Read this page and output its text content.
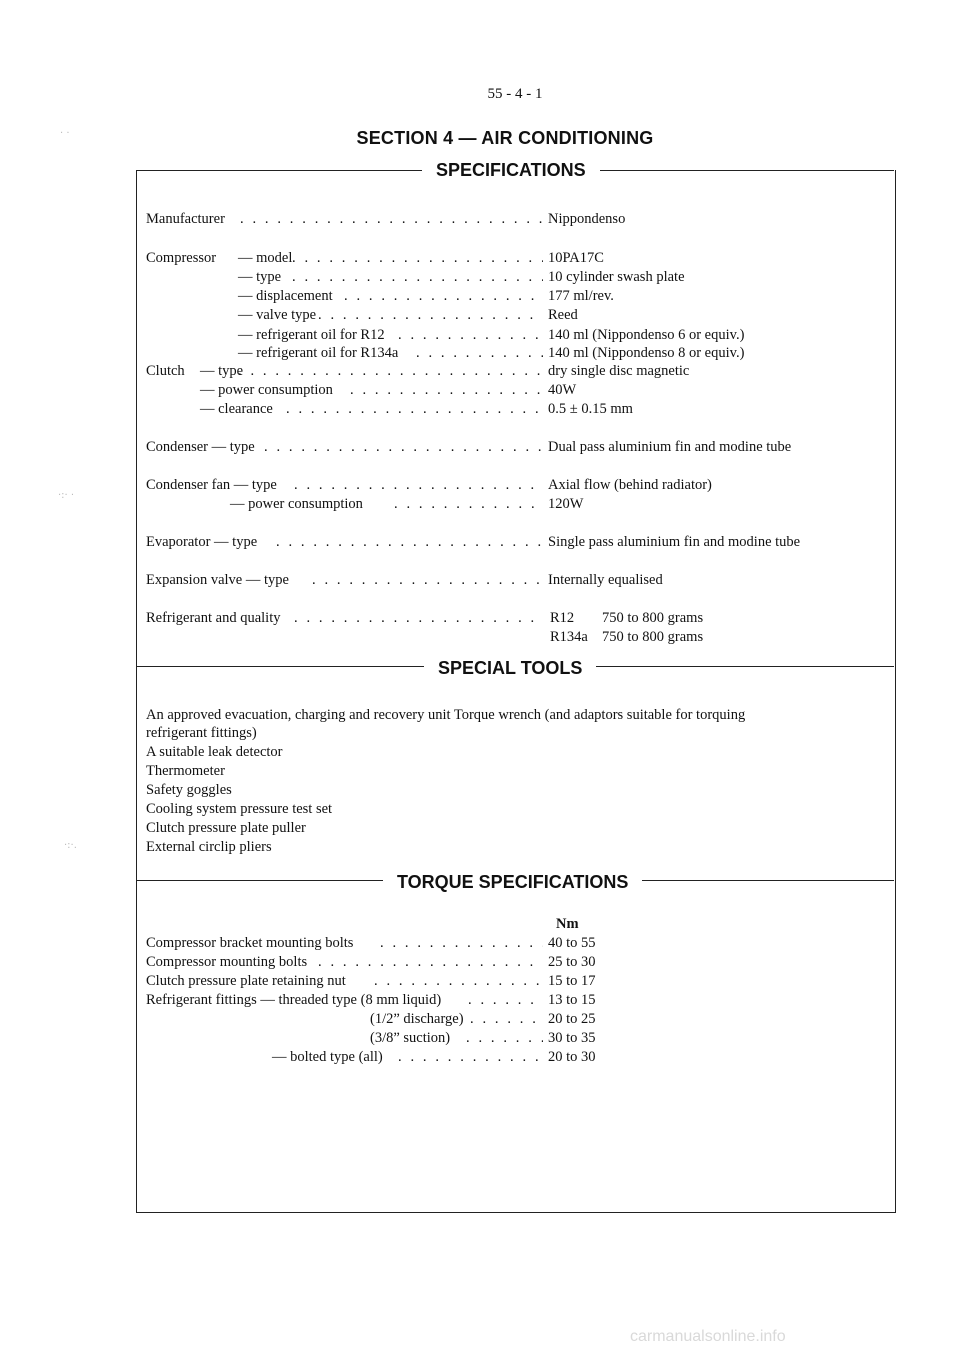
55 - 4 - 1
SECTION 4 — AIR CONDITIONING
· ·
·:· ·
·:·.
SPECIFICATIONS
SPECIAL TOOLS
TORQUE SPECIFICATIONS
Manufacturer . . .	Nippondenso
Compressor — model . . .	10PA17C
— type . . .	10 cylinder swash plate
— displacement . . .	177 ml/rev.
— valve type . . .	Reed
— refrigerant oil for R12 . . .	140 ml (Nippondenso 6 or equiv.)
— refrigerant oil for R134a . . .	140 ml (Nippondenso 8 or equiv.)
Clutch — type . . .	dry single disc magnetic
— power consumption . . .	40W
— clearance . . .	0.5 ± 0.15 mm
Condenser — type . . .	Dual pass aluminium fin and modine tube
Condenser fan — type . . .	Axial flow (behind radiator)
— power consumption . . .	120W
Evaporator — type . . .	Single pass aluminium fin and modine tube
Expansion valve — type . . .	Internally equalised
Refrigerant and quality . . .	R12 750 to 800 grams
R134a 750 to 800 grams
An approved evacuation, charging and recovery unit Torque wrench (and adaptors suitable for torquing
refrigerant fittings)
A suitable leak detector
Thermometer
Safety goggles
Cooling system pressure test set
Clutch pressure plate puller
External circlip pliers
Nm
Compressor bracket mounting bolts . . .	40 to 55
Compressor mounting bolts . . .	25 to 30
Clutch pressure plate retaining nut . . .	15 to 17
Refrigerant fittings — threaded type (8 mm liquid) . . .	13 to 15
(1/2” discharge) . . .	20 to 25
(3/8” suction) . . .	30 to 35
— bolted type (all) . . .	20 to 30
carmanualsonline.info
